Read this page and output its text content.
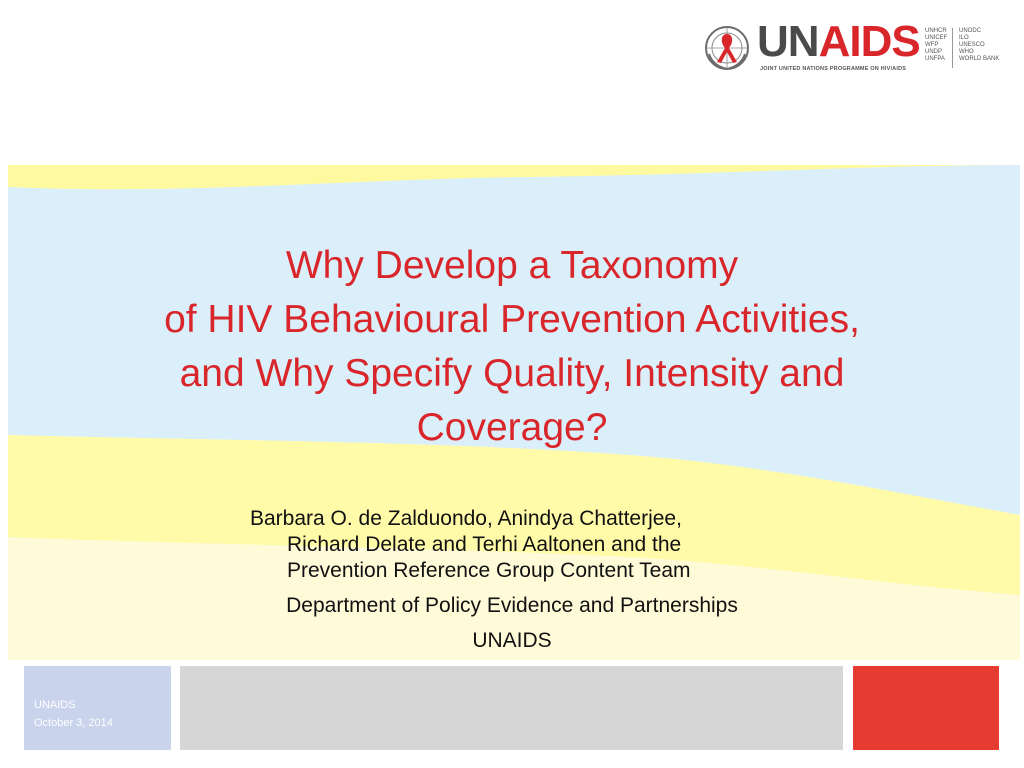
UNAIDS
JOINT UNITED NATIONS PROGRAMME ON HIV/AIDS
UNHCR
UNICEF
WFP
UNDP
UNFPA
UNODC
ILO
UNESCO
WHO
WORLD BANK
Why Develop a Taxonomy
of HIV Behavioural Prevention Activities,
and Why Specify Quality, Intensity and
Coverage?
Barbara O. de Zalduondo, Anindya Chatterjee,
Richard Delate and Terhi Aaltonen and the
Prevention Reference Group Content Team
Department of Policy Evidence and Partnerships
UNAIDS
UNAIDS
October 3, 2014
